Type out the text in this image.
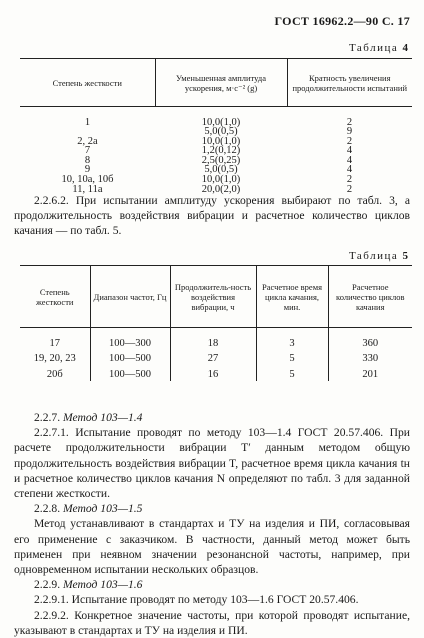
ГОСТ 16962.2—90 С. 17
Таблица 4
Степень жесткости	Уменьшенная амплитуда ускорения, м·с⁻² (g)	Кратность увеличения продолжительности испытаний

1	10,0(1,0)	2
	5,0(0,5)	9
2, 2а	10,0(1,0)	2
7	1,2(0,12)	4
8	2,5(0,25)	4
9	5,0(0,5)	4
10, 10а, 10б	10,0(1,0)	2
11, 11а	20,0(2,0)	2

2.2.6.2. При испытании амплитуду ускорения выбирают по табл. 3, а продолжительность воздействия вибрации и расчетное количество циклов качания — по табл. 5.

Таблица 5
Степень жесткости	Диапазон частот, Гц	Продолжитель-ность воздействия вибрации, ч	Расчетное время цикла качания, мин.	Расчетное количество циклов качания

17	100—300	18	3	360
19, 20, 23	100—500	27	5	330
20б	100—500	16	5	201

2.2.7. Метод 103—1.4

2.2.7.1. Испытание проводят по методу 103—1.4 ГОСТ 20.57.406. При расчете продолжительности вибрации T′ данным методом общую продолжительность воздействия вибрации T, расчетное время цикла качания tн и расчетное количество циклов качания N определяют по табл. 3 для заданной степени жесткости.

2.2.8. Метод 103—1.5

Метод устанавливают в стандартах и ТУ на изделия и ПИ, согласовывая его применение с заказчиком. В частности, данный метод может быть применен при неявном значении резонансной частоты, например, при одновременном испытании нескольких образцов.

2.2.9. Метод 103—1.6

2.2.9.1. Испытание проводят по методу 103—1.6 ГОСТ 20.57.406.

2.2.9.2. Конкретное значение частоты, при которой проводят испытание, указывают в стандартах и ТУ на изделия и ПИ.
